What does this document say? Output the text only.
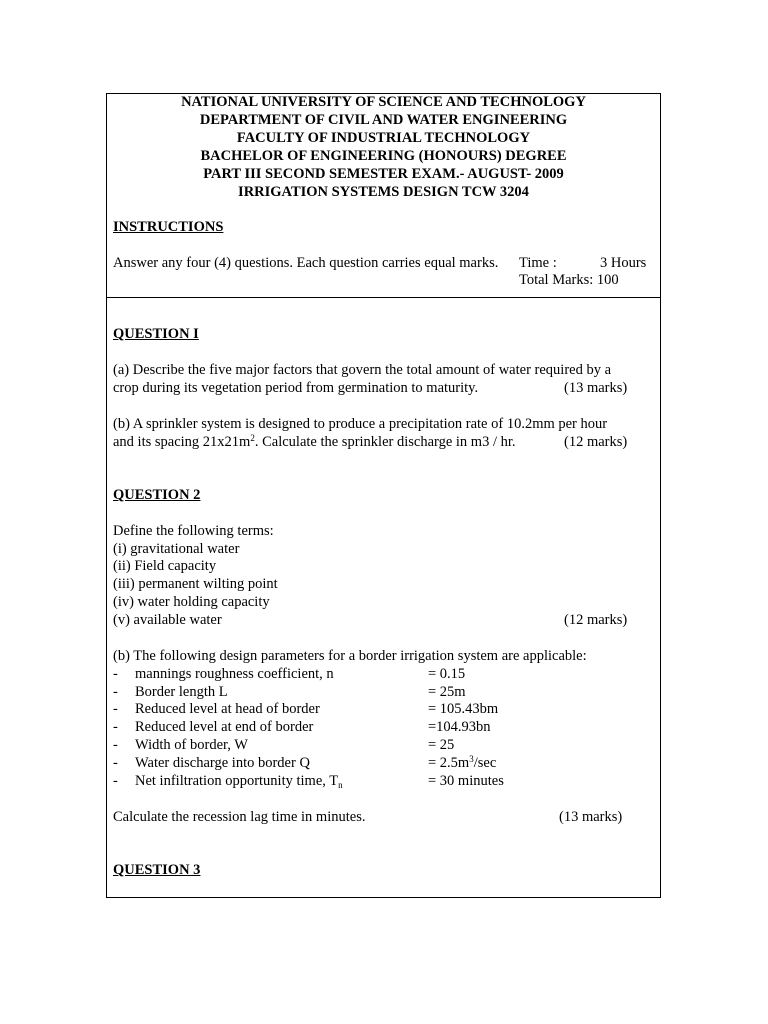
NATIONAL UNIVERSITY OF SCIENCE AND TECHNOLOGY
DEPARTMENT OF CIVIL AND WATER ENGINEERING
FACULTY OF INDUSTRIAL TECHNOLOGY
BACHELOR OF ENGINEERING (HONOURS) DEGREE
PART III SECOND SEMESTER EXAM.- AUGUST- 2009
IRRIGATION SYSTEMS DESIGN TCW 3204
INSTRUCTIONS
Answer any four (4) questions. Each question carries equal marks. Time :	3 Hours
Total Marks: 100
QUESTION I
(a) Describe the five major factors that govern the total amount of water required by a
crop during its vegetation period from germination to maturity.	(13 marks)
(b) A sprinkler system is designed to produce a precipitation rate of 10.2mm per hour
and its spacing $21x21m^2$. Calculate the sprinkler discharge in m3 / hr.	(12 marks)
QUESTION 2
Define the following terms:
(i) gravitational water
(ii) Field capacity
(iii) permanent wilting point
(iv) water holding capacity
(v) available water	(12 marks)
(b) The following design parameters for a border irrigation system are applicable:
- mannings roughness coefficient, n	= 0.15
- Border length L	= 25m
- Reduced level at head of border	= 105.43bm
- Reduced level at end of border	=104.93bn
- Width of border, W	= 25
- Water discharge into border Q	= $2.5m^3/\sec$
- Net infiltration opportunity time, $T_n$	= 30 minutes
Calculate the recession lag time in minutes.	(13 marks)
QUESTION 3
